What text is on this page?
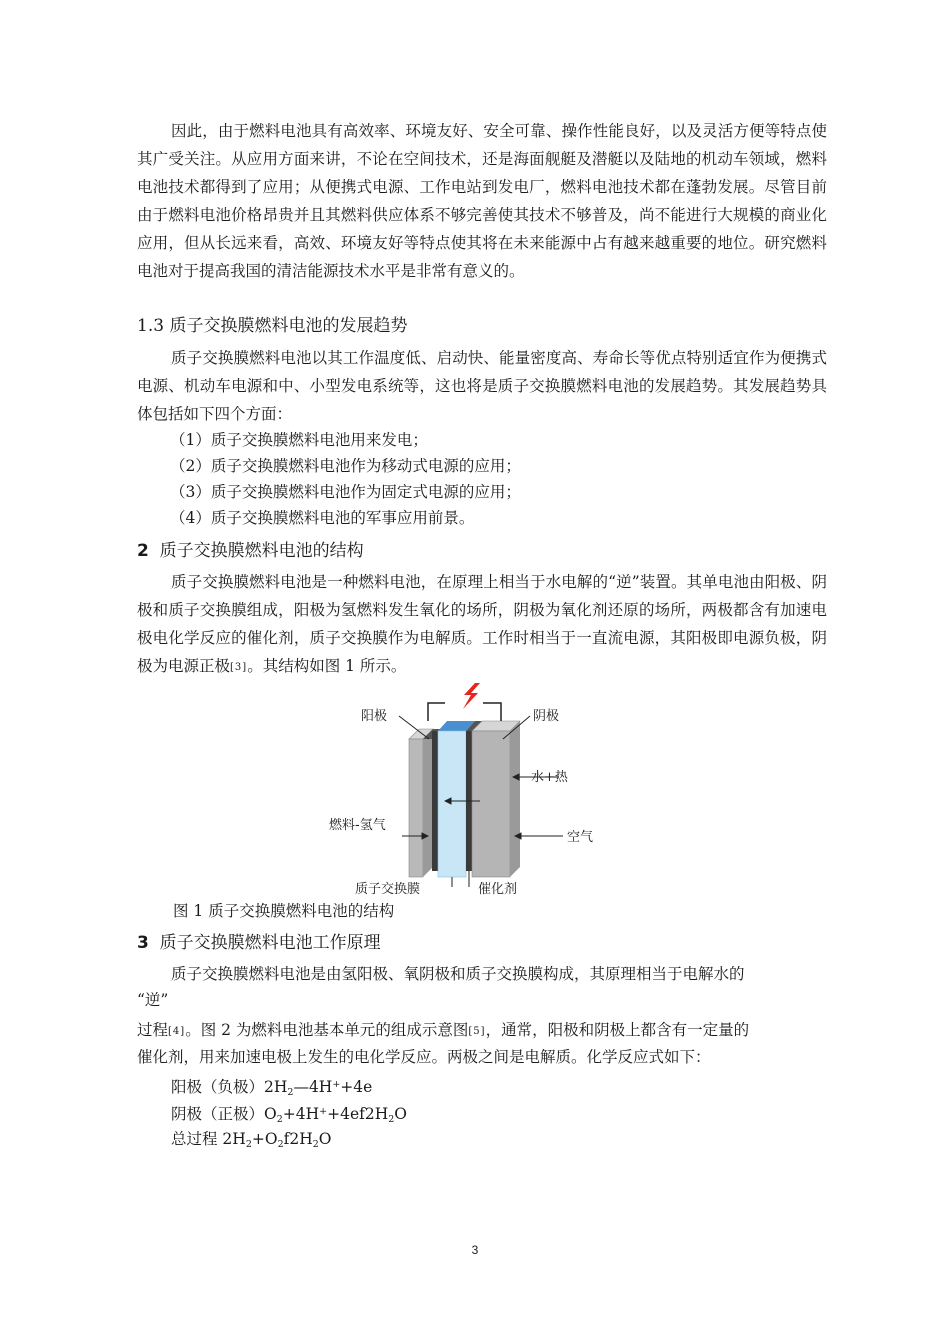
因此，由于燃料电池具有高效率、环境友好、安全可靠、操作性能良好，以及灵活方便等特点使其广受关注。从应用方面来讲，不论在空间技术，还是海面舰艇及潜艇以及陆地的机动车领域，燃料电池技术都得到了应用；从便携式电源、工作电站到发电厂，燃料电池技术都在蓬勃发展。尽管目前由于燃料电池价格昂贵并且其燃料供应体系不够完善使其技术不够普及，尚不能进行大规模的商业化应用，但从长远来看，高效、环境友好等特点使其将在未来能源中占有越来越重要的地位。研究燃料电池对于提高我国的清洁能源技术水平是非常有意义的。

1.3 质子交换膜燃料电池的发展趋势

质子交换膜燃料电池以其工作温度低、启动快、能量密度高、寿命长等优点特别适宜作为便携式电源、机动车电源和中、小型发电系统等，这也将是质子交换膜燃料电池的发展趋势。其发展趋势具体包括如下四个方面：

（1）质子交换膜燃料电池用来发电；
（2）质子交换膜燃料电池作为移动式电源的应用；
（3）质子交换膜燃料电池作为固定式电源的应用；
（4）质子交换膜燃料电池的军事应用前景。
2 质子交换膜燃料电池的结构

质子交换膜燃料电池是一种燃料电池，在原理上相当于水电解的“逆”装置。其单电池由阳极、阴极和质子交换膜组成，阳极为氢燃料发生氧化的场所，阴极为氧化剂还原的场所，两极都含有加速电极电化学反应的催化剂，质子交换膜作为电解质。工作时相当于一直流电源，其阳极即电源负极，阴极为电源正极[3]。其结构如图 1 所示。

阳极	阴极
水+热
燃料-氢气
空气
质子交换膜	催化剂
图 1 质子交换膜燃料电池的结构
3 质子交换膜燃料电池工作原理
质子交换膜燃料电池是由氢阳极、氧阴极和质子交换膜构成，其原理相当于电解水的
“逆”
过程[4]。图 2 为燃料电池基本单元的组成示意图[5]，通常，阳极和阴极上都含有一定量的
催化剂，用来加速电极上发生的电化学反应。两极之间是电解质。化学反应式如下：
阳极（负极）$2H_2—4H^++4e$
阴极（正极）$O_2+4H^++4ef2H_2O$
总过程 $2H_2+O_2f2H_2O$
3
